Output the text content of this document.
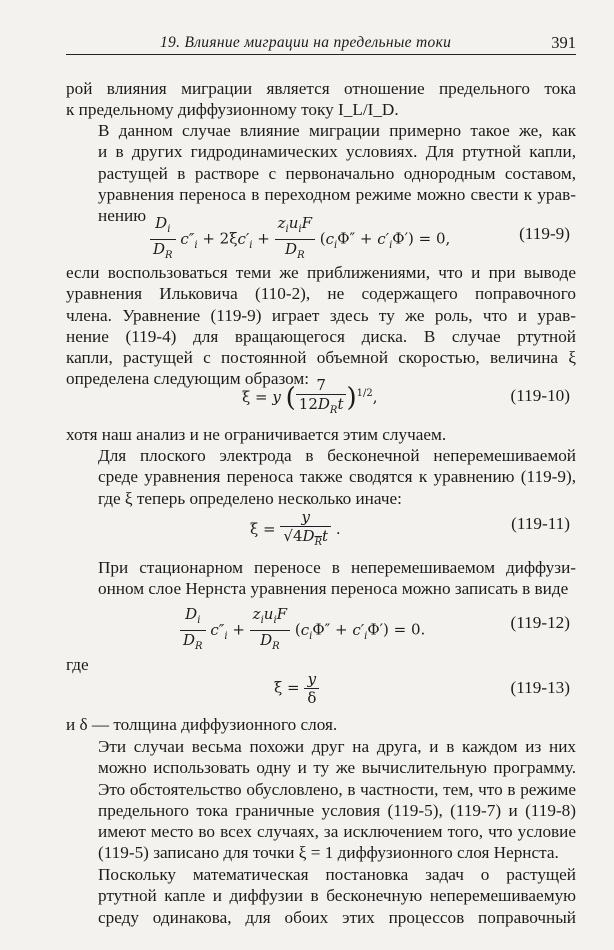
19. Влияние миграции на предельные токи	391
рой влияния миграции является отношение предельного тока
к предельному диффузионному току I_L/I_D.
В данном случае влияние миграции примерно такое же, как
и в других гидродинамических условиях. Для ртутной капли,
растущей в растворе с первоначально однородным составом,
уравнения переноса в переходном режиме можно свести к урав-
нению $\frac{D_i}{D_R} c''_i + 2\xi c'_i + \frac{z_iu_iF}{D_R} (c_i\Phi'' + c'_i\Phi') = 0$,	(119-9)
если воспользоваться теми же приближениями, что и при выводе
уравнения Ильковича (110-2), не содержащего поправочного
члена. Уравнение (119-9) играет здесь ту же роль, что и урав-
нение (119-4) для вращающегося диска. В случае ртутной
капли, растущей с постоянной объемной скоростью, величина ξ
определена следующим образом:
ξ = y ( $\frac{7}{12D_Rt} )^{1/2}$,	(119-10)
хотя наш анализ и не ограничивается этим случаем.
Для плоского электрода в бесконечной неперемешиваемой
среде уравнения переноса также сводятся к уравнению (119-9),
где ξ теперь определено несколько иначе:
$\xi = \frac{y}{√4D_Rt}$ .	(119-11)
При стационарном переносе в неперемешиваемом диффузи-
онном слое Нернста уравнения переноса можно записать в виде
$\frac{D_i}{D_R} c''_i + \frac{z_iu_iF}{D_R} (c_i\Phi'' + c'_i\Phi') = 0$.	(119-12)
где
$\xi = \frac{y}{\delta}$	(119-13)
и δ — толщина диффузионного слоя.
Эти случаи весьма похожи друг на друга, и в каждом из них
можно использовать одну и ту же вычислительную программу.
Это обстоятельство обусловлено, в частности, тем, что в режиме
предельного тока граничные условия (119-5), (119-7) и (119-8)
имеют место во всех случаях, за исключением того, что условие
(119-5) записано для точки ξ = 1 диффузионного слоя Нернста.
Поскольку математическая постановка задач о растущей
ртутной капле и диффузии в бесконечную неперемешиваемую
среду одинакова, для обоих этих процессов поправочный
